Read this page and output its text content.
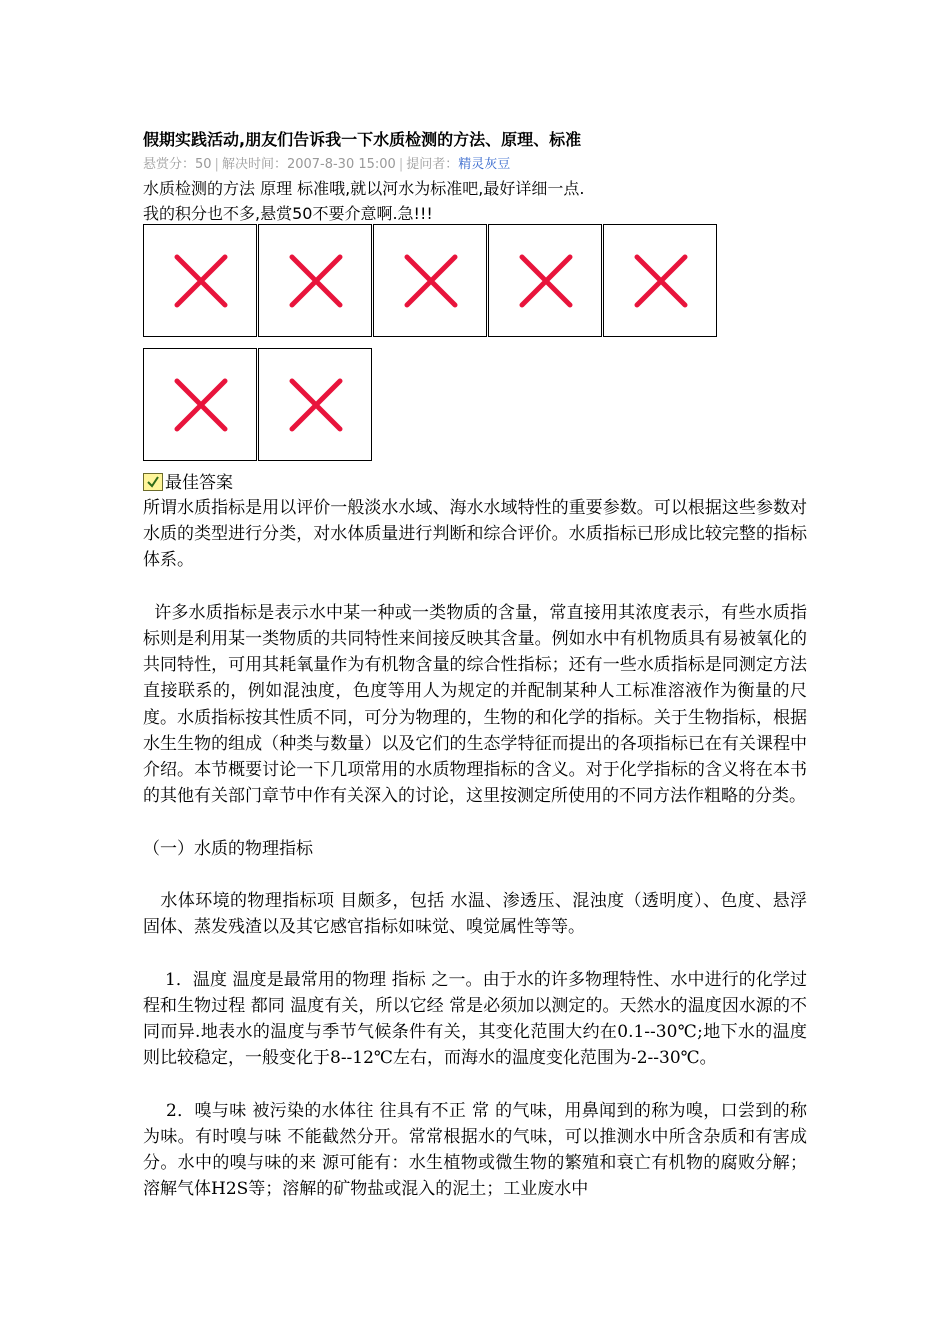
假期实践活动,朋友们告诉我一下水质检测的方法、原理、标准
悬赏分：50 | 解决时间：2007-8-30 15:00 | 提问者：精灵灰豆
水质检测的方法 原理 标准哦,就以河水为标准吧,最好详细一点.
我的积分也不多,悬赏50不要介意啊.急!!!
最佳答案

所谓水质指标是用以评价一般淡水水域、海水水域特性的重要参数。可以根据这些参数对水质的类型进行分类，对水体质量进行判断和综合评价。水质指标已形成比较完整的指标体系。

许多水质指标是表示水中某一种或一类物质的含量，常直接用其浓度表示，有些水质指标则是利用某一类物质的共同特性来间接反映其含量。例如水中有机物质具有易被氧化的共同特性，可用其耗氧量作为有机物含量的综合性指标；还有一些水质指标是同测定方法直接联系的，例如混浊度，色度等用人为规定的并配制某种人工标准溶液作为衡量的尺度。水质指标按其性质不同，可分为物理的，生物的和化学的指标。关于生物指标，根据水生生物的组成（种类与数量）以及它们的生态学特征而提出的各项指标已在有关课程中介绍。本节概要讨论一下几项常用的水质物理指标的含义。对于化学指标的含义将在本书的其他有关部门章节中作有关深入的讨论，这里按测定所使用的不同方法作粗略的分类。

（一）水质的物理指标

水体环境的物理指标项 目颇多，包括 水温、渗透压、混浊度（透明度）、色度、悬浮固体、蒸发残渣以及其它感官指标如味觉、嗅觉属性等等。

1．温度 温度是最常用的物理 指标 之一。由于水的许多物理特性、水中进行的化学过程和生物过程 都同 温度有关，所以它经 常是必须加以测定的。天然水的温度因水源的不同而异.地表水的温度与季节气候条件有关，其变化范围大约在0.1--30℃;地下水的温度则比较稳定，一般变化于8--12℃左右，而海水的温度变化范围为-2--30℃。

2．嗅与味 被污染的水体往 往具有不正 常 的气味，用鼻闻到的称为嗅，口尝到的称为味。有时嗅与味 不能截然分开。常常根据水的气味，可以推测水中所含杂质和有害成分。水中的嗅与味的来 源可能有：水生植物或微生物的繁殖和衰亡有机物的腐败分解；溶解气体H2S等；溶解的矿物盐或混入的泥土；工业废水中
